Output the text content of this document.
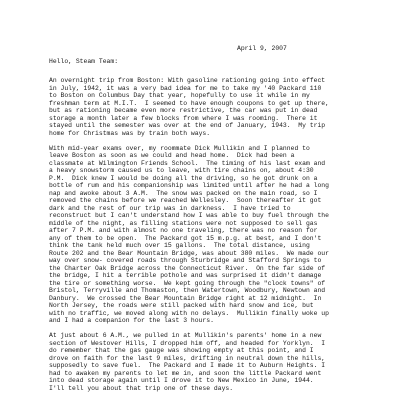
April 9, 2007
Hello, Steam Team:
An overnight trip from Boston: With gasoline rationing going into effect
in July, 1942, it was a very bad idea for me to take my '40 Packard 110
to Boston on Columbus Day that year, hopefully to use it while in my
freshman term at M.I.T.  I seemed to have enough coupons to get up there,
but as rationing became even more restrictive, the car was put in dead
storage a month later a few blocks from where I was rooming.  There it
stayed until the semester was over at the end of January, 1943.  My trip
home for Christmas was by train both ways.
With mid-year exams over, my roommate Dick Mullikin and I planned to
leave Boston as soon as we could and head home.  Dick had been a
classmate at Wilmington Friends School.  The timing of his last exam and
a heavy snowstorm caused us to leave, with tire chains on, about 4:30
P.M.  Dick knew I would be doing all the driving, so he got drunk on a
bottle of rum and his companionship was limited until after he had a long
nap and awoke about 3 A.M.  The snow was packed on the main road, so I
removed the chains before we reached Wellesley.  Soon thereafter it got
dark and the rest of our trip was in darkness.  I have tried to
reconstruct but I can't understand how I was able to buy fuel through the
middle of the night, as filling stations were not supposed to sell gas
after 7 P.M. and with almost no one traveling, there was no reason for
any of them to be open.  The Packard got 15 m.p.g. at best, and I don't
think the tank held much over 15 gallons.  The total distance, using
Route 202 and the Bear Mountain Bridge, was about 380 miles.  We made our
way over snow- covered roads through Sturbridge and Stafford Springs to
the Charter Oak Bridge across the Connecticut River.  On the far side of
the bridge, I hit a terrible pothole and was surprised it didn't damage
the tire or something worse.  We kept going through the "clock towns" of
Bristol, Terryville and Thomaston, then Watertown, Woodbury, Newtown and
Danbury.  We crossed the Bear Mountain Bridge right at 12 midnight.  In
North Jersey, the roads were still packed with hard snow and ice, but
with no traffic, we moved along with no delays.  Mullikin finally woke up
and I had a companion for the last 3 hours.
At just about 6 A.M., we pulled in at Mullikin's parents' home in a new
section of Westover Hills, I dropped him off, and headed for Yorklyn.  I
do remember that the gas gauge was showing empty at this point, and I
drove on faith for the last 9 miles, drifting in neutral down the hills,
supposedly to save fuel.  The Packard and I made it to Auburn Heights. I
had to awaken my parents to let me in, and soon the little Packard went
into dead storage again until I drove it to New Mexico in June, 1944.
I'll tell you about that trip one of these days.
